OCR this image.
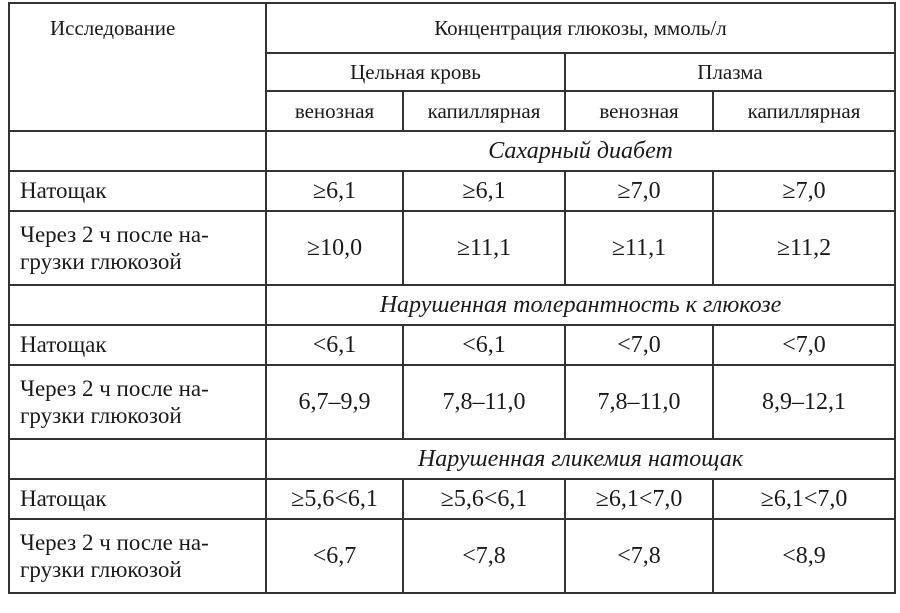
Исследование	Концентрация глюкозы, ммоль/л			
	Цельная кровь		Плазма	
	венозная	капиллярная	венозная	капиллярная
	Сахарный диабет			
Натощак	≥6,1	≥6,1	≥7,0	≥7,0
Через 2 ч после на-
грузки глюкозой	≥10,0	≥11,1	≥11,1	≥11,2
	Нарушенная толерантность к глюкозе			
Натощак	<6,1	<6,1	<7,0	<7,0
Через 2 ч после на-
грузки глюкозой	6,7–9,9	7,8–11,0	7,8–11,0	8,9–12,1
	Нарушенная гликемия натощак			
Натощак	≥5,6<6,1	≥5,6<6,1	≥6,1<7,0	≥6,1<7,0
Через 2 ч после на-
грузки глюкозой	<6,7	<7,8	<7,8	<8,9
